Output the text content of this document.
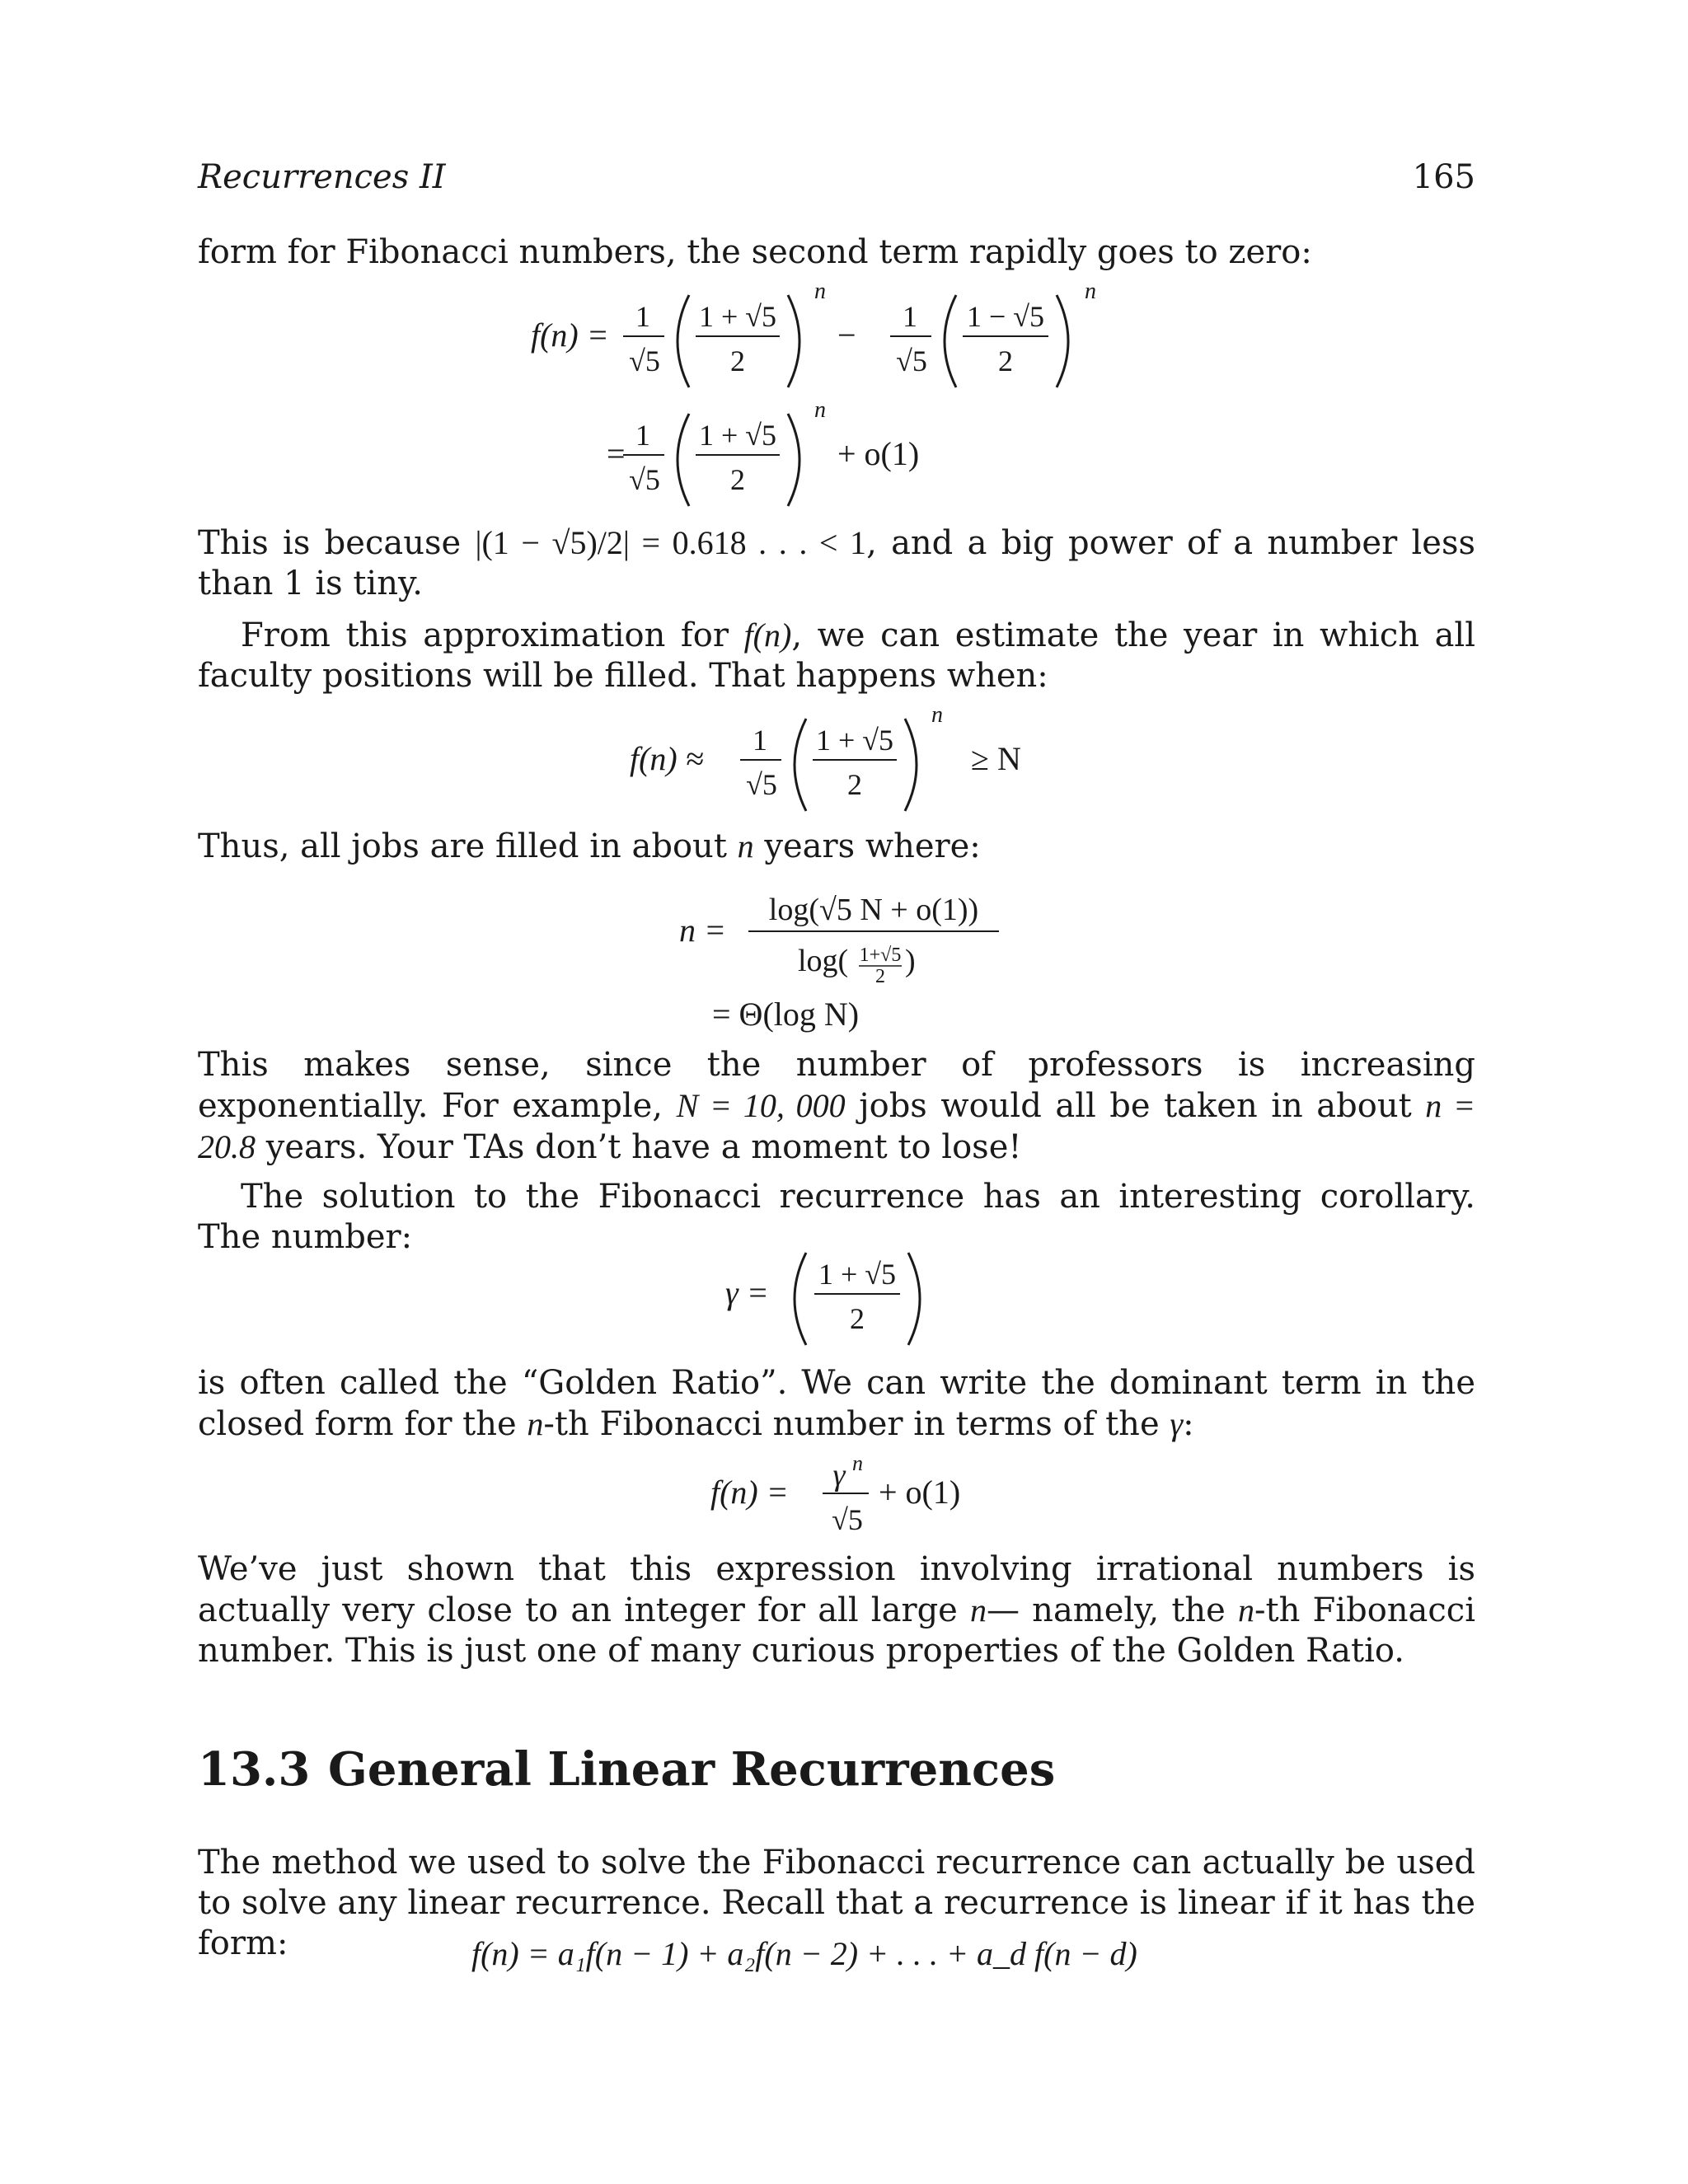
Recurrences II	165
form for Fibonacci numbers, the second term rapidly goes to zero:
f(n) = 1
√5
1 + √5
2
n
− 1
√5
1 − √5
2
n
= 1
√5
1 + √5
2
n
+ o(1)
This is because |(1 − √5)/2| = 0.618 . . . < 1, and a big power of a number less than 1 is tiny.
From this approximation for f(n), we can estimate the year in which all faculty positions will be filled. That happens when:
f(n) ≈ 1
√5
1 + √5
2
n
≥ N
Thus, all jobs are filled in about n years where:
n =
log(√5 N + o(1))
log( 1+√5
2 )
= Θ(log N)
This makes sense, since the number of professors is increasing exponentially. For example, N = 10, 000 jobs would all be taken in about n = 20.8 years. Your TAs don’t have a moment to lose!
The solution to the Fibonacci recurrence has an interesting corollary. The number:
γ = 1 + √5
2
is often called the “Golden Ratio”. We can write the dominant term in the closed form for the n-th Fibonacci number in terms of the γ:
f(n) = γ n
√5
+ o(1)
We’ve just shown that this expression involving irrational numbers is actually very close to an integer for all large n— namely, the n-th Fibonacci number. This is just one of many curious properties of the Golden Ratio.
13.3 General Linear Recurrences
The method we used to solve the Fibonacci recurrence can actually be used to solve any linear recurrence. Recall that a recurrence is linear if it has the form:	f(n) = a₁f(n − 1) + a₂f(n − 2) + . . . + a_d f(n − d)
